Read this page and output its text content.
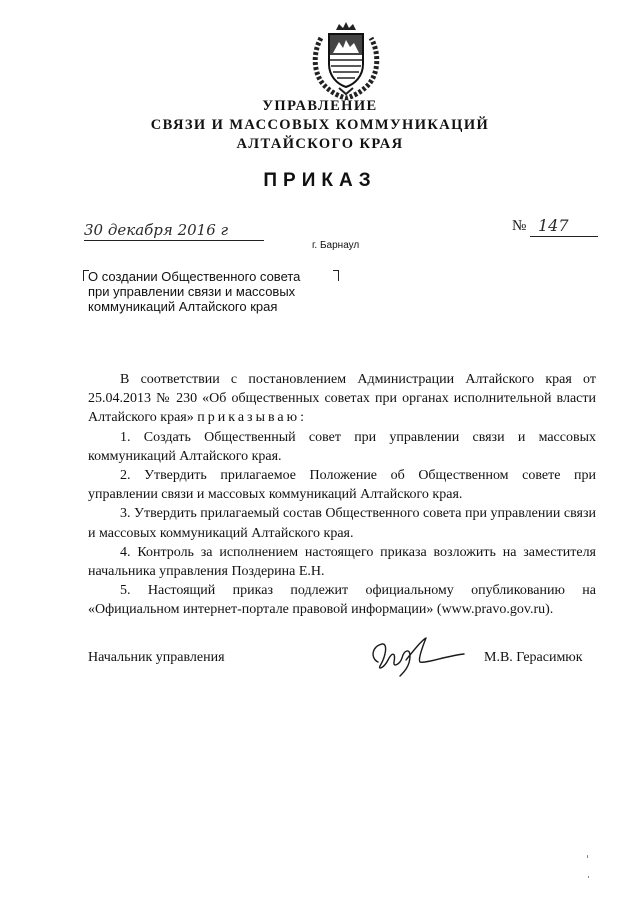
УПРАВЛЕНИЕ
СВЯЗИ И МАССОВЫХ КОММУНИКАЦИЙ
АЛТАЙСКОГО КРАЯ
ПРИКАЗ
30 декабря 2016 г	№ 147
г. Барнаул
О создании Общественного совета
при управлении связи и массовых
коммуникаций Алтайского края

В соответствии с постановлением Администрации Алтайского края от 25.04.2013 № 230 «Об общественных советах при органах исполнительной власти Алтайского края» приказываю:

1. Создать Общественный совет при управлении связи и массовых коммуникаций Алтайского края.

2. Утвердить прилагаемое Положение об Общественном совете при управлении связи и массовых коммуникаций Алтайского края.

3. Утвердить прилагаемый состав Общественного совета при управлении связи и массовых коммуникаций Алтайского края.

4. Контроль за исполнением настоящего приказа возложить на заместителя начальника управления Поздерина Е.Н.

5. Настоящий приказ подлежит официальному опубликованию на «Официальном интернет-портале правовой информации» (www.pravo.gov.ru).

Начальник управления	М.В. Герасимюк
